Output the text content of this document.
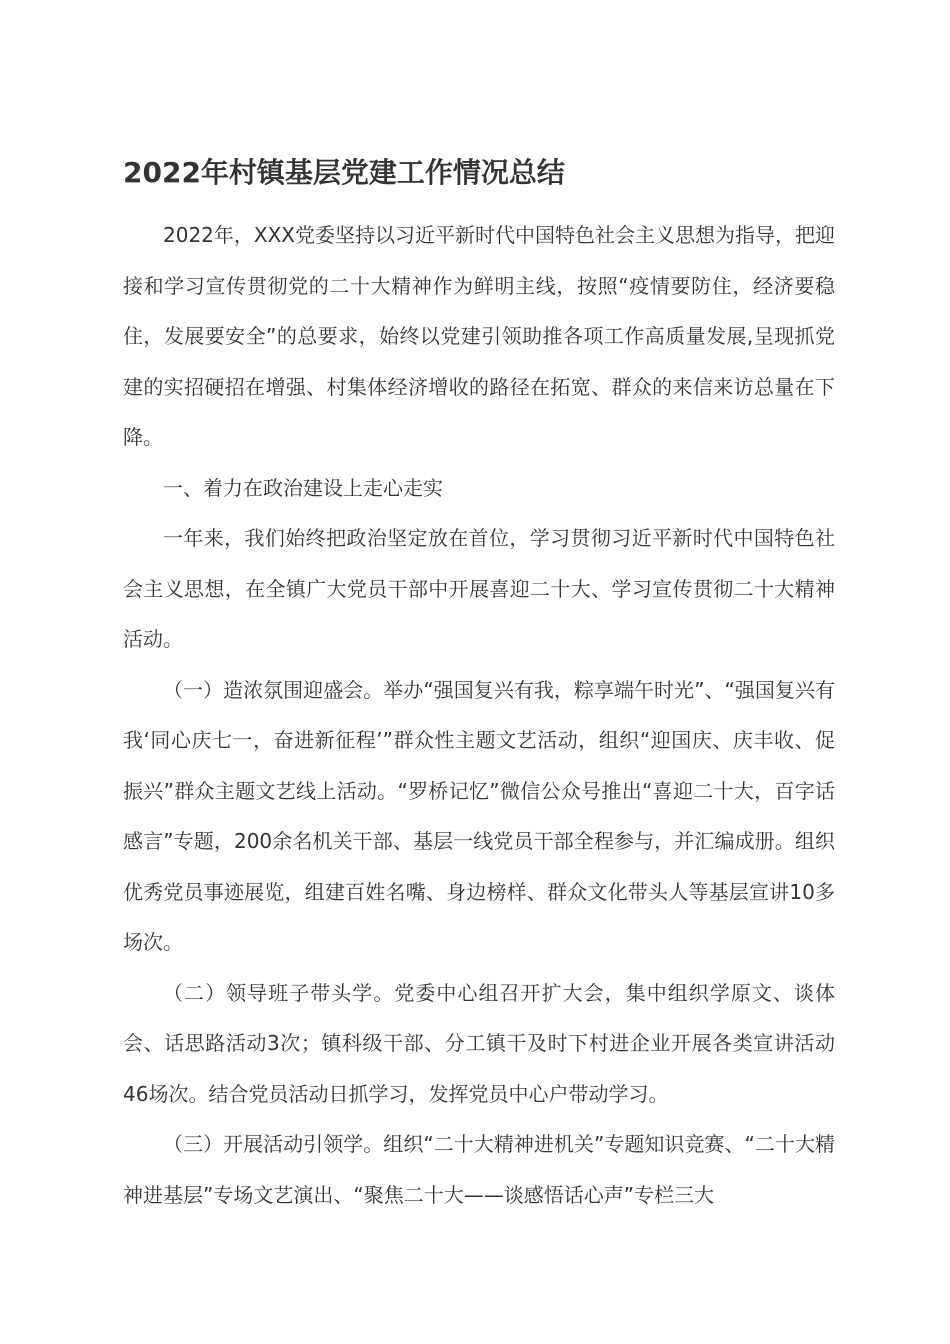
2022年村镇基层党建工作情况总结

2022年，XXX党委坚持以习近平新时代中国特色社会主义思想为指导，把迎接和学习宣传贯彻党的二十大精神作为鲜明主线，按照“疫情要防住，经济要稳住，发展要安全”的总要求，始终以党建引领助推各项工作高质量发展,呈现抓党建的实招硬招在增强、村集体经济增收的路径在拓宽、群众的来信来访总量在下降。

一、着力在政治建设上走心走实

一年来，我们始终把政治坚定放在首位，学习贯彻习近平新时代中国特色社会主义思想，在全镇广大党员干部中开展喜迎二十大、学习宣传贯彻二十大精神活动。

（一）造浓氛围迎盛会。举办“强国复兴有我，粽享端午时光”、“强国复兴有我‘同心庆七一，奋进新征程’”群众性主题文艺活动，组织“迎国庆、庆丰收、促振兴”群众主题文艺线上活动。“罗桥记忆”微信公众号推出“喜迎二十大，百字话感言”专题，200余名机关干部、基层一线党员干部全程参与，并汇编成册。组织优秀党员事迹展览，组建百姓名嘴、身边榜样、群众文化带头人等基层宣讲10多场次。

（二）领导班子带头学。党委中心组召开扩大会，集中组织学原文、谈体会、话思路活动3次；镇科级干部、分工镇干及时下村进企业开展各类宣讲活动46场次。结合党员活动日抓学习，发挥党员中心户带动学习。

（三）开展活动引领学。组织“二十大精神进机关”专题知识竞赛、“二十大精神进基层”专场文艺演出、“聚焦二十大——谈感悟话心声”专栏三大
